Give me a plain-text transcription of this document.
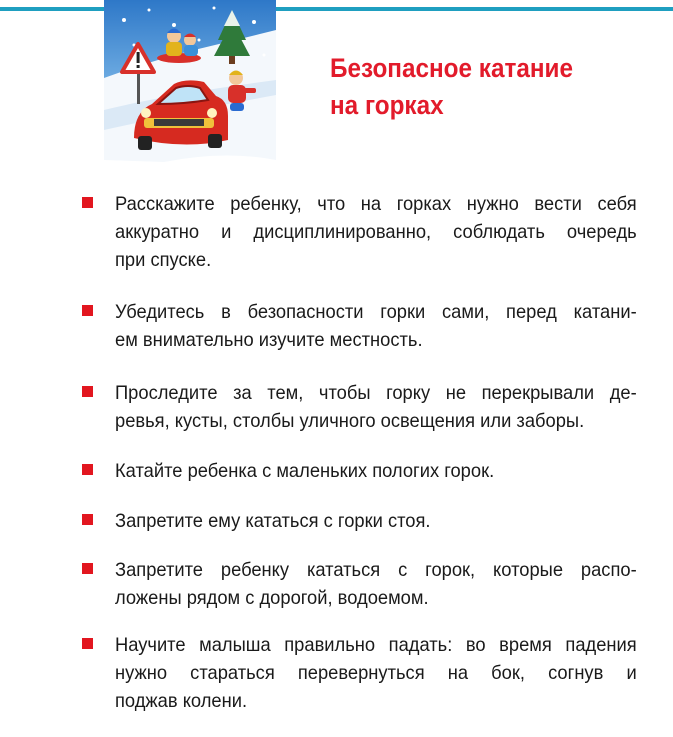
Безопасное катание
на горках
Расскажите ребенку, что на горках нужно вести себя
аккуратно и дисциплинированно, соблюдать очередь
при спуске.
Убедитесь в безопасности горки сами, перед катани-
ем внимательно изучите местность.
Проследите за тем, чтобы горку не перекрывали де-
ревья, кусты, столбы уличного освещения или заборы.
Катайте ребенка с маленьких пологих горок.
Запретите ему кататься с горки стоя.
Запретите ребенку кататься с горок, которые распо-
ложены рядом с дорогой, водоемом.
Научите малыша правильно падать: во время падения
нужно стараться перевернуться на бок, согнув и
поджав колени.
